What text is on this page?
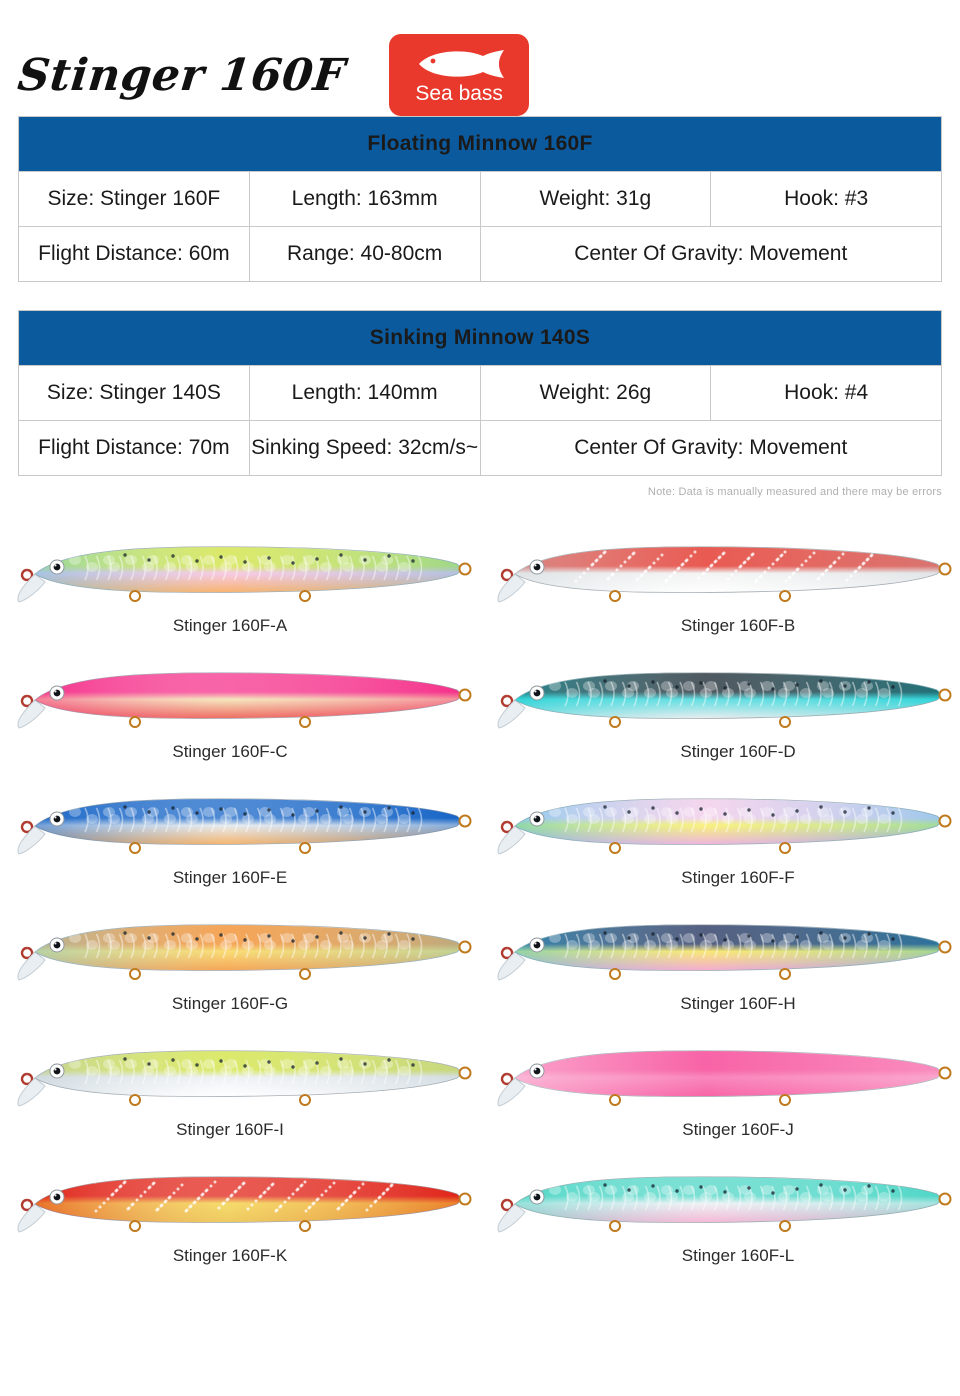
Stinger 160F	Sea bass
Floating Minnow 160F			
Size: Stinger 160F	Length: 163mm	Weight: 31g	Hook: #3
Flight Distance: 60m	Range: 40-80cm	Center Of Gravity: Movement	
Sinking Minnow 140S			
Size: Stinger 140S	Length: 140mm	Weight: 26g	Hook: #4
Flight Distance: 70m	Sinking Speed: 32cm/s~	Center Of Gravity: Movement	
Note: Data is manually measured and there may be errors
Stinger 160F-A	Stinger 160F-B
Stinger 160F-C	Stinger 160F-D
Stinger 160F-E	Stinger 160F-F
Stinger 160F-G	Stinger 160F-H
Stinger 160F-I	Stinger 160F-J
Stinger 160F-K	Stinger 160F-L
